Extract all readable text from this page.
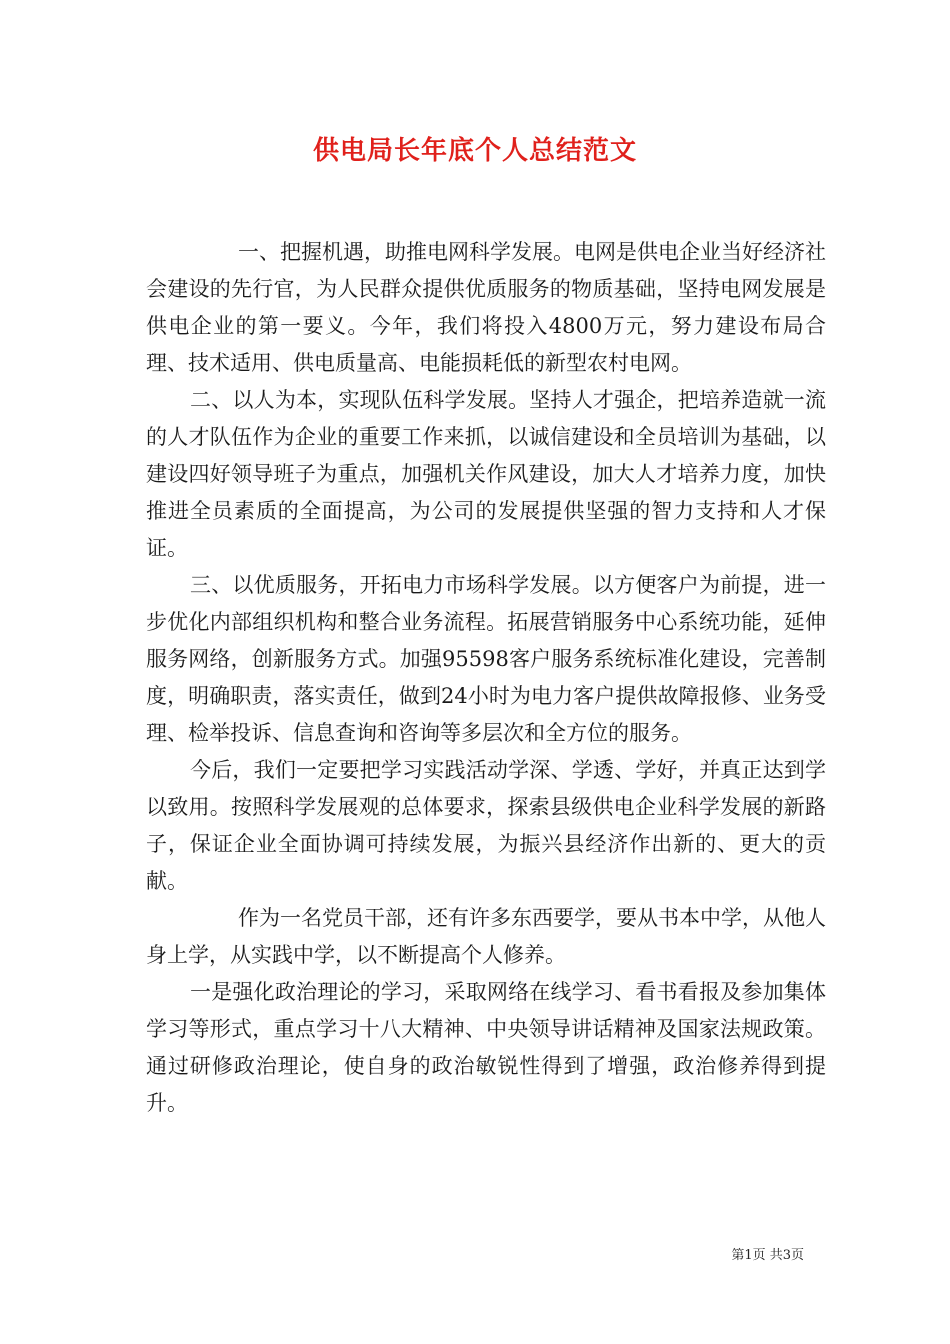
供电局长年底个人总结范文

一、把握机遇，助推电网科学发展。电网是供电企业当好经济社会建设的先行官，为人民群众提供优质服务的物质基础，坚持电网发展是供电企业的第一要义。今年，我们将投入4800万元，努力建设布局合理、技术适用、供电质量高、电能损耗低的新型农村电网。

二、以人为本，实现队伍科学发展。坚持人才强企，把培养造就一流的人才队伍作为企业的重要工作来抓，以诚信建设和全员培训为基础，以建设四好领导班子为重点，加强机关作风建设，加大人才培养力度，加快推进全员素质的全面提高，为公司的发展提供坚强的智力支持和人才保证。

三、以优质服务，开拓电力市场科学发展。以方便客户为前提，进一步优化内部组织机构和整合业务流程。拓展营销服务中心系统功能，延伸服务网络，创新服务方式。加强95598客户服务系统标准化建设，完善制度，明确职责，落实责任，做到24小时为电力客户提供故障报修、业务受理、检举投诉、信息查询和咨询等多层次和全方位的服务。

今后，我们一定要把学习实践活动学深、学透、学好，并真正达到学以致用。按照科学发展观的总体要求，探索县级供电企业科学发展的新路子，保证企业全面协调可持续发展，为振兴县经济作出新的、更大的贡献。

作为一名党员干部，还有许多东西要学，要从书本中学，从他人身上学，从实践中学，以不断提高个人修养。

一是强化政治理论的学习，采取网络在线学习、看书看报及参加集体学习等形式，重点学习十八大精神、中央领导讲话精神及国家法规政策。通过研修政治理论，使自身的政治敏锐性得到了增强，政治修养得到提升。

第1页 共3页
